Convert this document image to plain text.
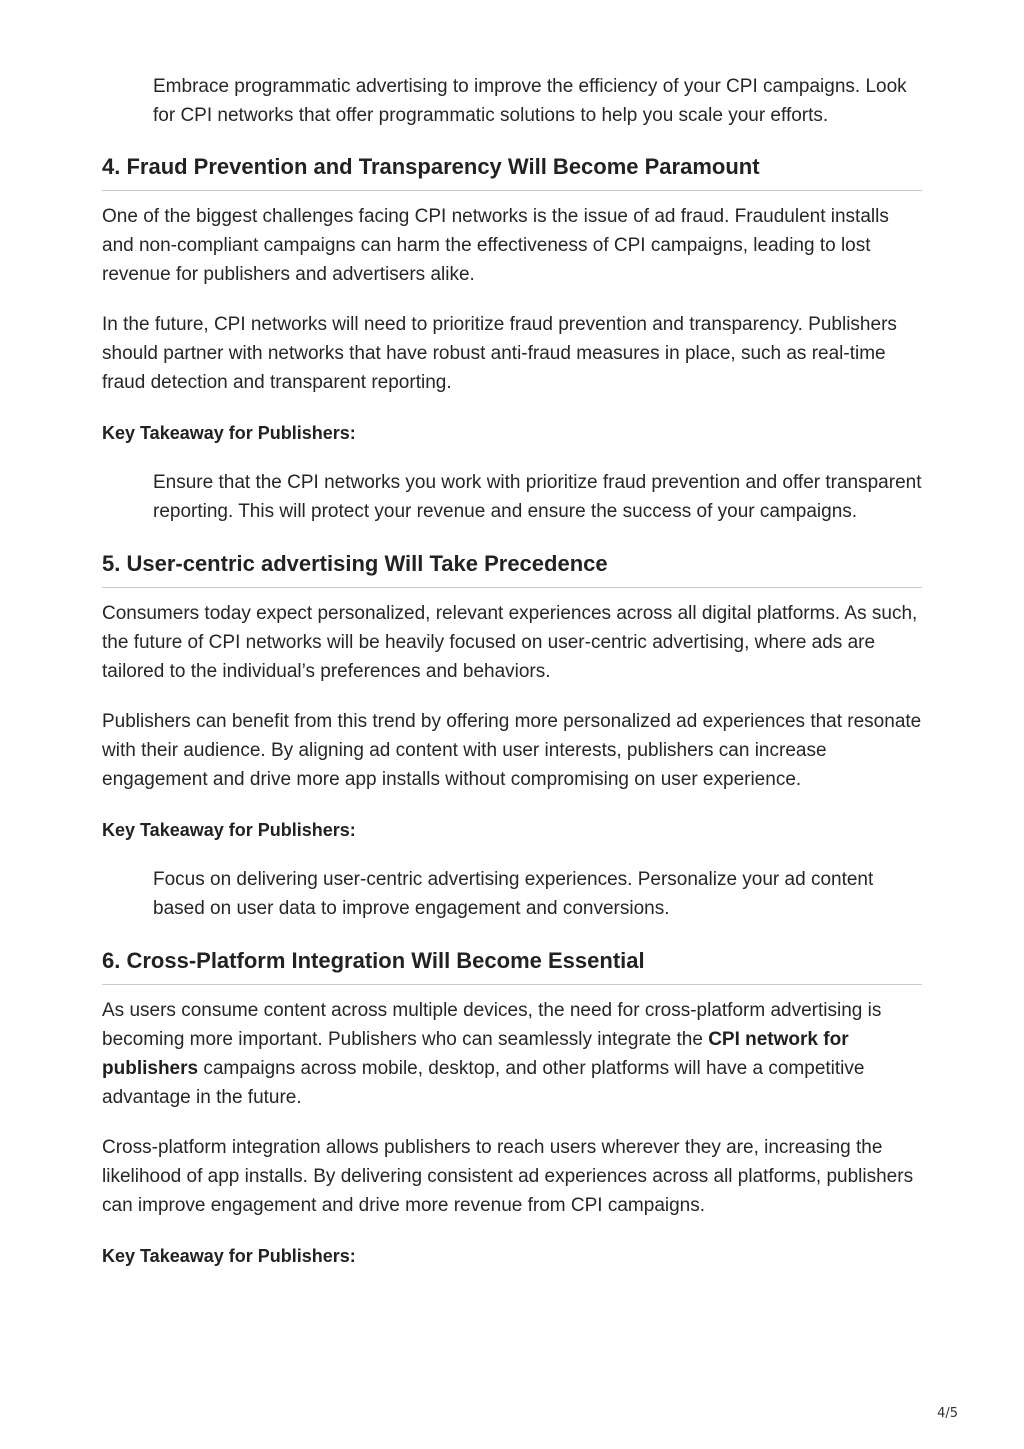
Embrace programmatic advertising to improve the efficiency of your CPI campaigns. Look for CPI networks that offer programmatic solutions to help you scale your efforts.

4. Fraud Prevention and Transparency Will Become Paramount

One of the biggest challenges facing CPI networks is the issue of ad fraud. Fraudulent installs and non-compliant campaigns can harm the effectiveness of CPI campaigns, leading to lost revenue for publishers and advertisers alike.

In the future, CPI networks will need to prioritize fraud prevention and transparency. Publishers should partner with networks that have robust anti-fraud measures in place, such as real-time fraud detection and transparent reporting.

Key Takeaway for Publishers:

Ensure that the CPI networks you work with prioritize fraud prevention and offer transparent reporting. This will protect your revenue and ensure the success of your campaigns.

5. User-centric advertising Will Take Precedence

Consumers today expect personalized, relevant experiences across all digital platforms. As such, the future of CPI networks will be heavily focused on user-centric advertising, where ads are tailored to the individual’s preferences and behaviors.

Publishers can benefit from this trend by offering more personalized ad experiences that resonate with their audience. By aligning ad content with user interests, publishers can increase engagement and drive more app installs without compromising on user experience.

Key Takeaway for Publishers:

Focus on delivering user-centric advertising experiences. Personalize your ad content based on user data to improve engagement and conversions.

6. Cross-Platform Integration Will Become Essential

As users consume content across multiple devices, the need for cross-platform advertising is becoming more important. Publishers who can seamlessly integrate the CPI network for publishers campaigns across mobile, desktop, and other platforms will have a competitive advantage in the future.

Cross-platform integration allows publishers to reach users wherever they are, increasing the likelihood of app installs. By delivering consistent ad experiences across all platforms, publishers can improve engagement and drive more revenue from CPI campaigns.

Key Takeaway for Publishers:

4/5
